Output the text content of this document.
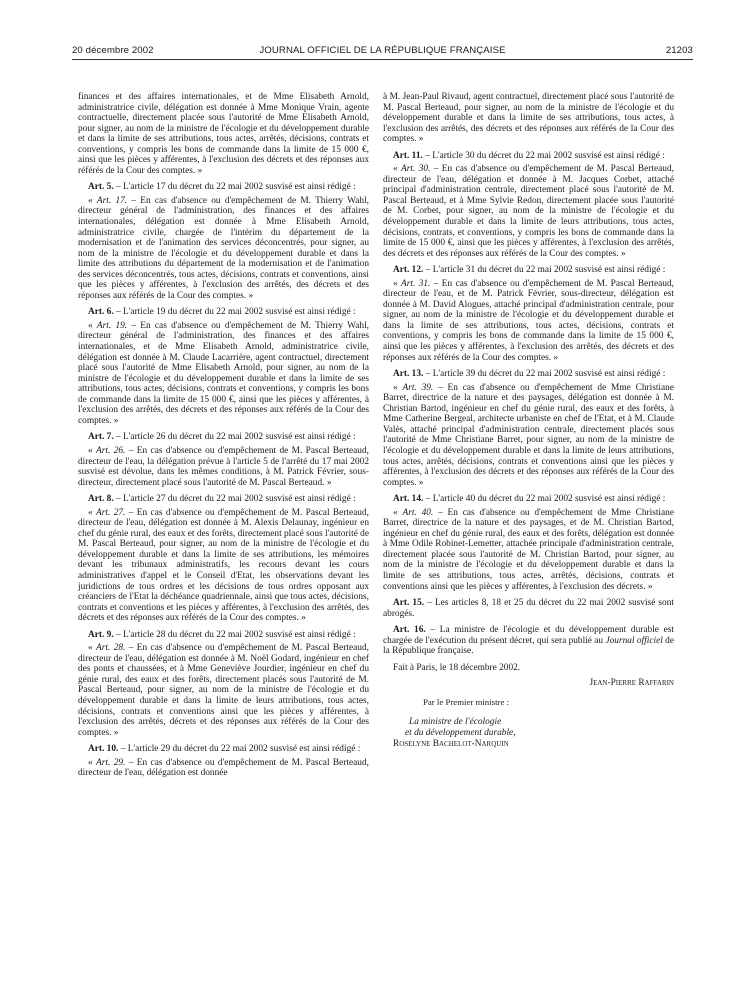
20 décembre 2002	JOURNAL OFFICIEL DE LA RÉPUBLIQUE FRANÇAISE	21203

finances et des affaires internationales, et de Mme Elisabeth Arnold, administratrice civile, délégation est donnée à Mme Monique Vrain, agente contractuelle, directement placée sous l'autorité de Mme Elisabeth Arnold, pour signer, au nom de la ministre de l'écologie et du développement durable et dans la limite de ses attributions, tous actes, arrêtés, décisions, contrats et conventions, y compris les bons de commande dans la limite de 15 000 €, ainsi que les pièces y afférentes, à l'exclusion des décrets et des réponses aux référés de la Cour des comptes. »

Art. 5. – L'article 17 du décret du 22 mai 2002 susvisé est ainsi rédigé :

« Art. 17. – En cas d'absence ou d'empêchement de M. Thierry Wahl, directeur général de l'administration, des finances et des affaires internationales, délégation est donnée à Mme Elisabeth Arnold, administratrice civile, chargée de l'intérim du département de la modernisation et de l'animation des services déconcentrés, pour signer, au nom de la ministre de l'écologie et du développement durable et dans la limite des attributions du département de la modernisation et de l'animation des services déconcentrés, tous actes, décisions, contrats et conventions, ainsi que les pièces y afférentes, à l'exclusion des arrêtés, des décrets et des réponses aux référés de la Cour des comptes. »

Art. 6. – L'article 19 du décret du 22 mai 2002 susvisé est ainsi rédigé :

« Art. 19. – En cas d'absence ou d'empêchement de M. Thierry Wahl, directeur général de l'administration, des finances et des affaires internationales, et de Mme Elisabeth Arnold, administratrice civile, délégation est donnée à M. Claude Lacarrière, agent contractuel, directement placé sous l'autorité de Mme Elisabeth Arnold, pour signer, au nom de la ministre de l'écologie et du développement durable et dans la limite de ses attributions, tous actes, décisions, contrats et conventions, y compris les bons de commande dans la limite de 15 000 €, ainsi que les pièces y afférentes, à l'exclusion des arrêtés, des décrets et des réponses aux référés de la Cour des comptes. »

Art. 7. – L'article 26 du décret du 22 mai 2002 susvisé est ainsi rédigé :

« Art. 26. – En cas d'absence ou d'empêchement de M. Pascal Berteaud, directeur de l'eau, la délégation prévue à l'article 5 de l'arrêté du 17 mai 2002 susvisé est dévolue, dans les mêmes conditions, à M. Patrick Février, sous-directeur, directement placé sous l'autorité de M. Pascal Berteaud. »

Art. 8. – L'article 27 du décret du 22 mai 2002 susvisé est ainsi rédigé :

« Art. 27. – En cas d'absence ou d'empêchement de M. Pascal Berteaud, directeur de l'eau, délégation est donnée à M. Alexis Delaunay, ingénieur en chef du génie rural, des eaux et des forêts, directement placé sous l'autorité de M. Pascal Berteaud, pour signer, au nom de la ministre de l'écologie et du développement durable et dans la limite de ses attributions, les mémoires devant les tribunaux administratifs, les recours devant les cours administratives d'appel et le Conseil d'Etat, les observations devant les juridictions de tous ordres et les décisions de tous ordres opposant aux créanciers de l'Etat la déchéance quadriennale, ainsi que tous actes, décisions, contrats et conventions et les pièces y afférentes, à l'exclusion des arrêtés, des décrets et des réponses aux référés de la Cour des comptes. »

Art. 9. – L'article 28 du décret du 22 mai 2002 susvisé est ainsi rédigé :

« Art. 28. – En cas d'absence ou d'empêchement de M. Pascal Berteaud, directeur de l'eau, délégation est donnée à M. Noël Godard, ingénieur en chef des ponts et chaussées, et à Mme Geneviève Jourdier, ingénieur en chef du génie rural, des eaux et des forêts, directement placés sous l'autorité de M. Pascal Berteaud, pour signer, au nom de la ministre de l'écologie et du développement durable et dans la limite de leurs attributions, tous actes, décisions, contrats et conventions ainsi que les pièces y afférentes, à l'exclusion des arrêtés, décrets et des réponses aux référés de la Cour des comptes. »

Art. 10. – L'article 29 du décret du 22 mai 2002 susvisé est ainsi rédigé :

« Art. 29. – En cas d'absence ou d'empêchement de M. Pascal Berteaud, directeur de l'eau, délégation est donnée

à M. Jean-Paul Rivaud, agent contractuel, directement placé sous l'autorité de M. Pascal Berteaud, pour signer, au nom de la ministre de l'écologie et du développement durable et dans la limite de ses attributions, tous actes, à l'exclusion des arrêtés, des décrets et des réponses aux référés de la Cour des comptes. »

Art. 11. – L'article 30 du décret du 22 mai 2002 susvisé est ainsi rédigé :

« Art. 30. – En cas d'absence ou d'empêchement de M. Pascal Berteaud, directeur de l'eau, délégation et donnée à M. Jacques Corbet, attaché principal d'administration centrale, directement placé sous l'autorité de M. Pascal Berteaud, et à Mme Sylvie Redon, directement placée sous l'autorité de M. Corbet, pour signer, au nom de la ministre de l'écologie et du développement durable et dans la limite de leurs attributions, tous actes, décisions, contrats, et conventions, y compris les bons de commande dans la limite de 15 000 €, ainsi que les pièces y afférentes, à l'exclusion des arrêtés, des décrets et des réponses aux référés de la Cour des comptes. »

Art. 12. – L'article 31 du décret du 22 mai 2002 susvisé est ainsi rédigé :

« Art. 31. – En cas d'absence ou d'empêchement de M. Pascal Berteaud, directeur de l'eau, et de M. Patrick Février, sous-directeur, délégation est donnée à M. David Alogues, attaché principal d'administration centrale, pour signer, au nom de la ministre de l'écologie et du développement durable et dans la limite de ses attributions, tous actes, décisions, contrats et conventions, y compris les bons de commande dans la limite de 15 000 €, ainsi que les pièces y afférentes, à l'exclusion des arrêtés, des décrets et des réponses aux référés de la Cour des comptes. »

Art. 13. – L'article 39 du décret du 22 mai 2002 susvisé est ainsi rédigé :

« Art. 39. – En cas d'absence ou d'empêchement de Mme Christiane Barret, directrice de la nature et des paysages, délégation est donnée à M. Christian Bartod, ingénieur en chef du génie rural, des eaux et des forêts, à Mme Catherine Bergeal, architecte urbaniste en chef de l'Etat, et à M. Claude Valès, attaché principal d'administration centrale, directement placés sous l'autorité de Mme Christiane Barret, pour signer, au nom de la ministre de l'écologie et du développement durable et dans la limite de leurs attributions, tous actes, arrêtés, décisions, contrats et conventions ainsi que les pièces y afférentes, à l'exclusion des décrets et des réponses aux référés de la Cour des comptes. »

Art. 14. – L'article 40 du décret du 22 mai 2002 susvisé est ainsi rédigé :

« Art. 40. – En cas d'absence ou d'empêchement de Mme Christiane Barret, directrice de la nature et des paysages, et de M. Christian Bartod, ingénieur en chef du génie rural, des eaux et des forêts, délégation est donnée à Mme Odile Robinet-Lemetter, attachée principale d'administration centrale, directement placée sous l'autorité de M. Christian Bartod, pour signer, au nom de la ministre de l'écologie et du développement durable et dans la limite de ses attributions, tous actes, arrêtés, décisions, contrats et conventions ainsi que les pièces y afférentes, à l'exclusion des décrets. »

Art. 15. – Les articles 8, 18 et 25 du décret du 22 mai 2002 susvisé sont abrogés.

Art. 16. – La ministre de l'écologie et du développement durable est chargée de l'exécution du présent décret, qui sera publié au Journal officiel de la République française.

Fait à Paris, le 18 décembre 2002.

Jean-Pierre Raffarin

Par le Premier ministre :

La ministre de l'écologie

et du développement durable,

Roselyne Bachelot-Narquin
